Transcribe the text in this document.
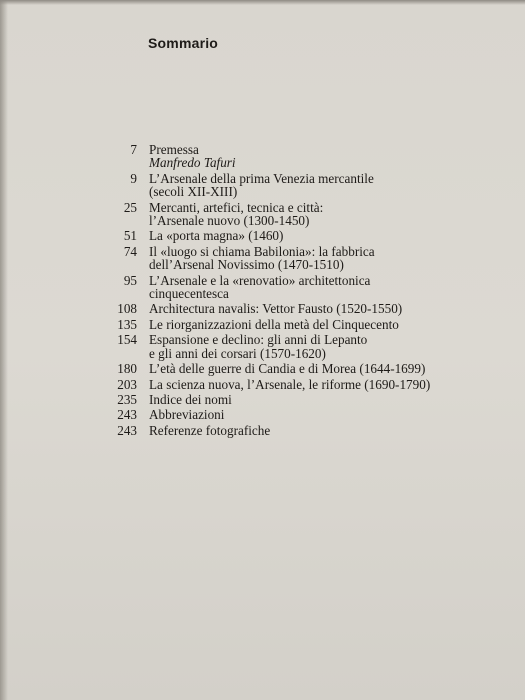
Sommario
7 Premessa
Manfredo Tafuri
9 L’Arsenale della prima Venezia mercantile
(secoli XII-XIII)
25 Mercanti, artefici, tecnica e città:
l’Arsenale nuovo (1300-1450)
51 La «porta magna» (1460)
74 Il «luogo si chiama Babilonia»: la fabbrica
dell’Arsenal Novissimo (1470-1510)
95 L’Arsenale e la «renovatio» architettonica
cinquecentesca
108 Architectura navalis: Vettor Fausto (1520-1550)
135 Le riorganizzazioni della metà del Cinquecento
154 Espansione e declino: gli anni di Lepanto
e gli anni dei corsari (1570-1620)
180 L’età delle guerre di Candia e di Morea (1644-1699)
203 La scienza nuova, l’Arsenale, le riforme (1690-1790)
235 Indice dei nomi
243 Abbreviazioni
243 Referenze fotografiche
